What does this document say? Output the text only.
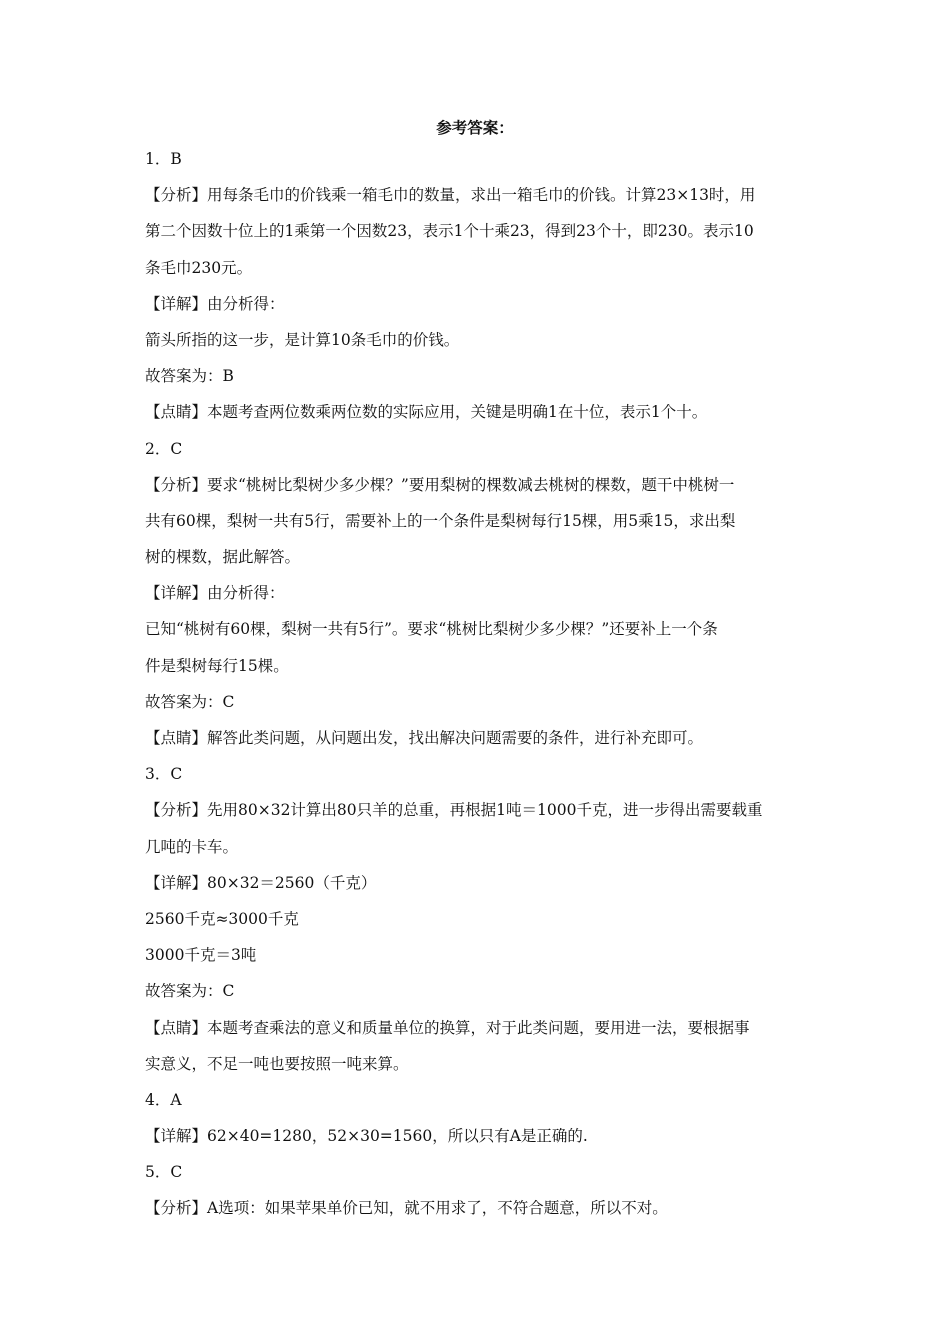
参考答案：
1．B
【分析】用每条毛巾的价钱乘一箱毛巾的数量，求出一箱毛巾的价钱。计算23×13时，用
第二个因数十位上的1乘第一个因数23，表示1个十乘23，得到23个十，即230。表示10
条毛巾230元。
【详解】由分析得：
箭头所指的这一步，是计算10条毛巾的价钱。
故答案为：B
【点睛】本题考查两位数乘两位数的实际应用，关键是明确1在十位，表示1个十。
2．C
【分析】要求“桃树比梨树少多少棵？”要用梨树的棵数减去桃树的棵数，题干中桃树一
共有60棵，梨树一共有5行，需要补上的一个条件是梨树每行15棵，用5乘15，求出梨
树的棵数，据此解答。
【详解】由分析得：
已知“桃树有60棵，梨树一共有5行”。要求“桃树比梨树少多少棵？”还要补上一个条
件是梨树每行15棵。
故答案为：C
【点睛】解答此类问题，从问题出发，找出解决问题需要的条件，进行补充即可。
3．C
【分析】先用80×32计算出80只羊的总重，再根据1吨＝1000千克，进一步得出需要载重
几吨的卡车。
【详解】80×32＝2560（千克）
2560千克≈3000千克
3000千克＝3吨
故答案为：C
【点睛】本题考查乘法的意义和质量单位的换算，对于此类问题，要用进一法，要根据事
实意义，不足一吨也要按照一吨来算。
4．A
【详解】62×40=1280，52×30=1560，所以只有A是正确的.
5．C
【分析】A选项：如果苹果单价已知，就不用求了，不符合题意，所以不对。
